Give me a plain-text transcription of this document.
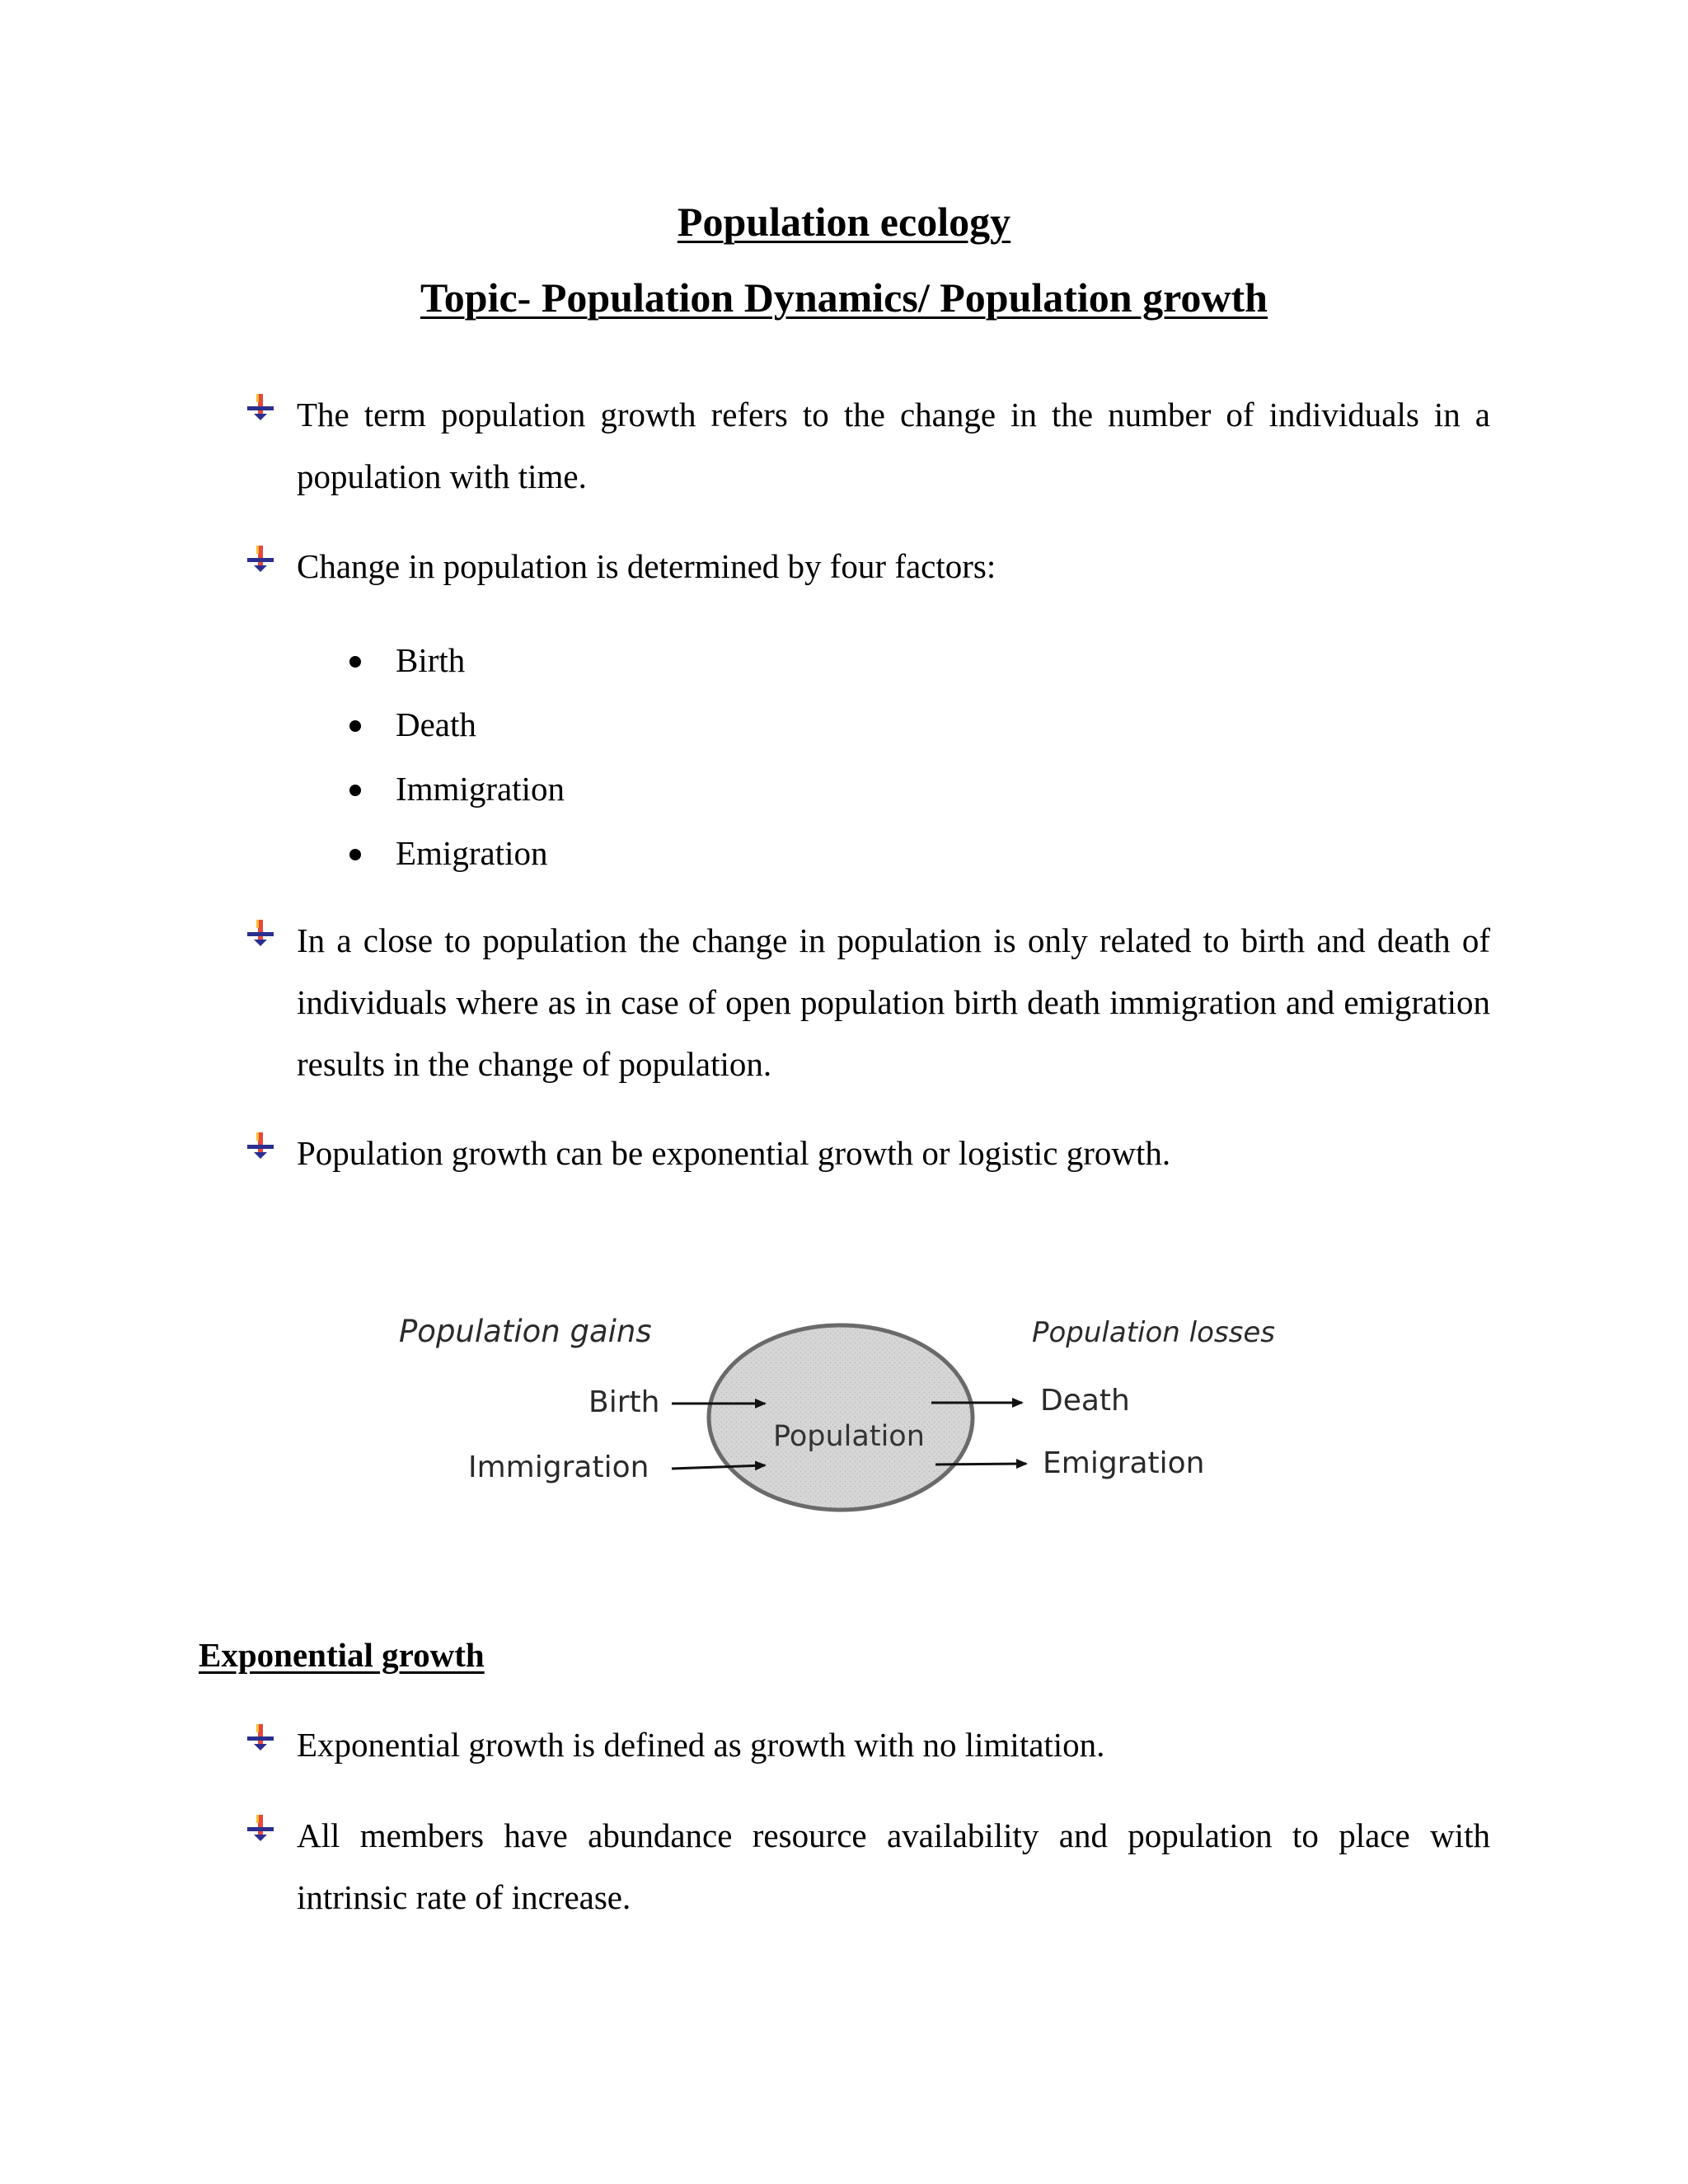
Population ecology
Topic- Population Dynamics/ Population growth

The term population growth refers to the change in the number of individuals in a population with time.

Change in population is determined by four factors:

Birth
Death
Immigration
Emigration

In a close to population the change in population is only related to birth and death of individuals where as in case of open population birth death immigration and emigration results in the change of population.

Population growth can be exponential growth or logistic growth.

Population gains	Population losses
Birth
Immigration
Population
Death
Emigration
Exponential growth

Exponential growth is defined as growth with no limitation.

All members have abundance resource availability and population to place with intrinsic rate of increase.
